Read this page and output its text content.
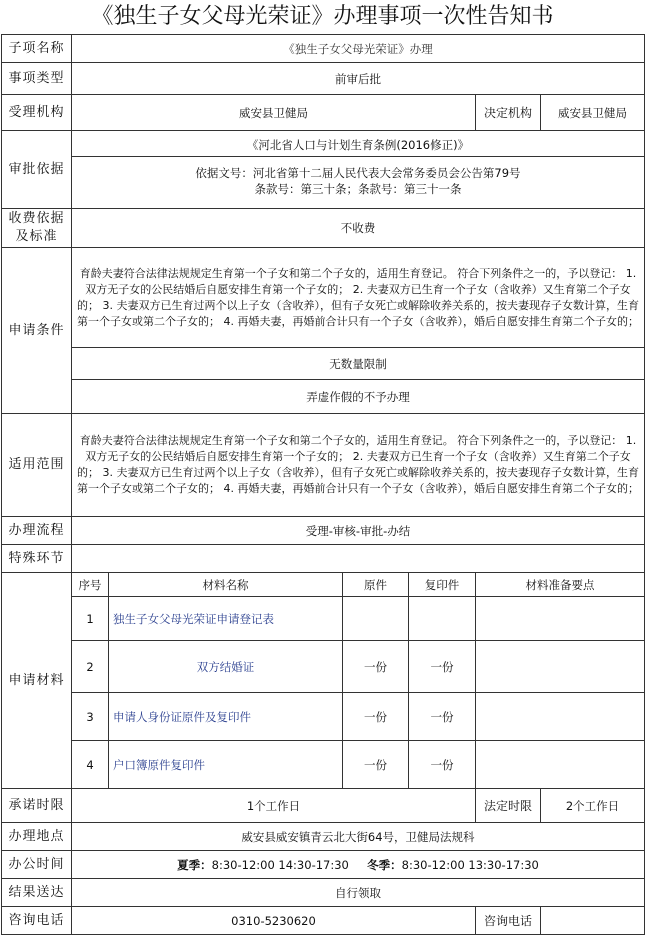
《独生子女父母光荣证》办理事项一次性告知书
子项名称	《独生子女父母光荣证》办理					
事项类型	前审后批					
受理机构	威安县卫健局				决定机构	威安县卫健局
审批依据	《河北省人口与计划生育条例(2016修正)》
依据文号：河北省第十二届人民代表大会常务委员会公告第79号
条款号：第三十条；条款号：第三十一条					

收费依据及标准	不收费					
申请条件	育龄夫妻符合法律法规规定生育第一个子女和第二个子女的，适用生育登记。 符合下列条件之一的，予以登记： 1. 双方无子女的公民结婚后自愿安排生育第一个子女的； 2. 夫妻双方已生育一个子女（含收养）又生育第二个子女的； 3. 夫妻双方已生育过两个以上子女（含收养），但有子女死亡或解除收养关系的，按夫妻现存子女数计算，生育第一个子女或第二个子女的； 4. 再婚夫妻，再婚前合计只有一个子女（含收养），婚后自愿安排生育第二个子女的；					
	无数量限制					
	弄虚作假的不予办理					
适用范围	育龄夫妻符合法律法规规定生育第一个子女和第二个子女的，适用生育登记。 符合下列条件之一的，予以登记： 1. 双方无子女的公民结婚后自愿安排生育第一个子女的； 2. 夫妻双方已生育一个子女（含收养）又生育第二个子女的； 3. 夫妻双方已生育过两个以上子女（含收养），但有子女死亡或解除收养关系的，按夫妻现存子女数计算，生育第一个子女或第二个子女的； 4. 再婚夫妻，再婚前合计只有一个子女（含收养），婚后自愿安排生育第二个子女的；					
办理流程	受理-审核-审批-办结					
特殊环节						
申请材料	序号	材料名称	原件	复印件	材料准备要点	
	1	独生子女父母光荣证申请登记表				
	2	双方结婚证	一份	一份		
	3	申请人身份证原件及复印件	一份	一份		
	4	户口簿原件复印件	一份	一份		
承诺时限	1个工作日				法定时限	2个工作日
办理地点	威安县威安镇青云北大街64号，卫健局法规科					
办公时间	夏季：8:30-12:00 14:30-17:30 冬季：8:30-12:00 13:30-17:30					
结果送达	自行领取					
咨询电话	0310-5230620				咨询电话	
